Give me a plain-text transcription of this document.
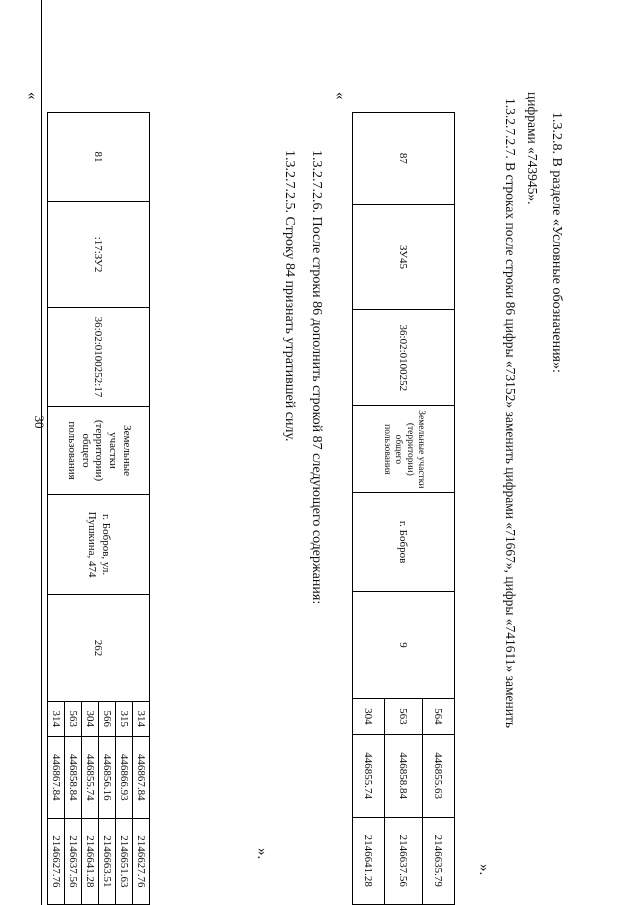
30
«
81	:17:ЗУ2	36:02:0100252:17	Земельные участки (территории) общего пользования	г. Бобров, ул. Пушкина, 474	262	314	446867.84	2146627.76
						315	446866.93	2146651.63
						566	446856.16	2146663.51
						304	446855.74	2146641.28
						563	446858.84	2146637.56
						314	446867.84	2146627.76	».
1.3.2.7.2.5. Строку 84 признать утратившей силу. 1.3.2.7.2.6. После строки 86 дополнить строкой 87 следующего содержания:
«
87	ЗУ45	36:02:0100252	Земельные участки (территории) общего пользования	г. Бобров	9	564	446855.63	2146635.79
						563	446858.84	2146637.56
						304	446855.74	2146641.28	».
1.3.2.7.2.7. В строках после строки 86 цифры «73152» заменить цифрами «71667», цифры «741611» заменить цифрами «743945». 1.3.2.8. В разделе «Условные обозначения»:
